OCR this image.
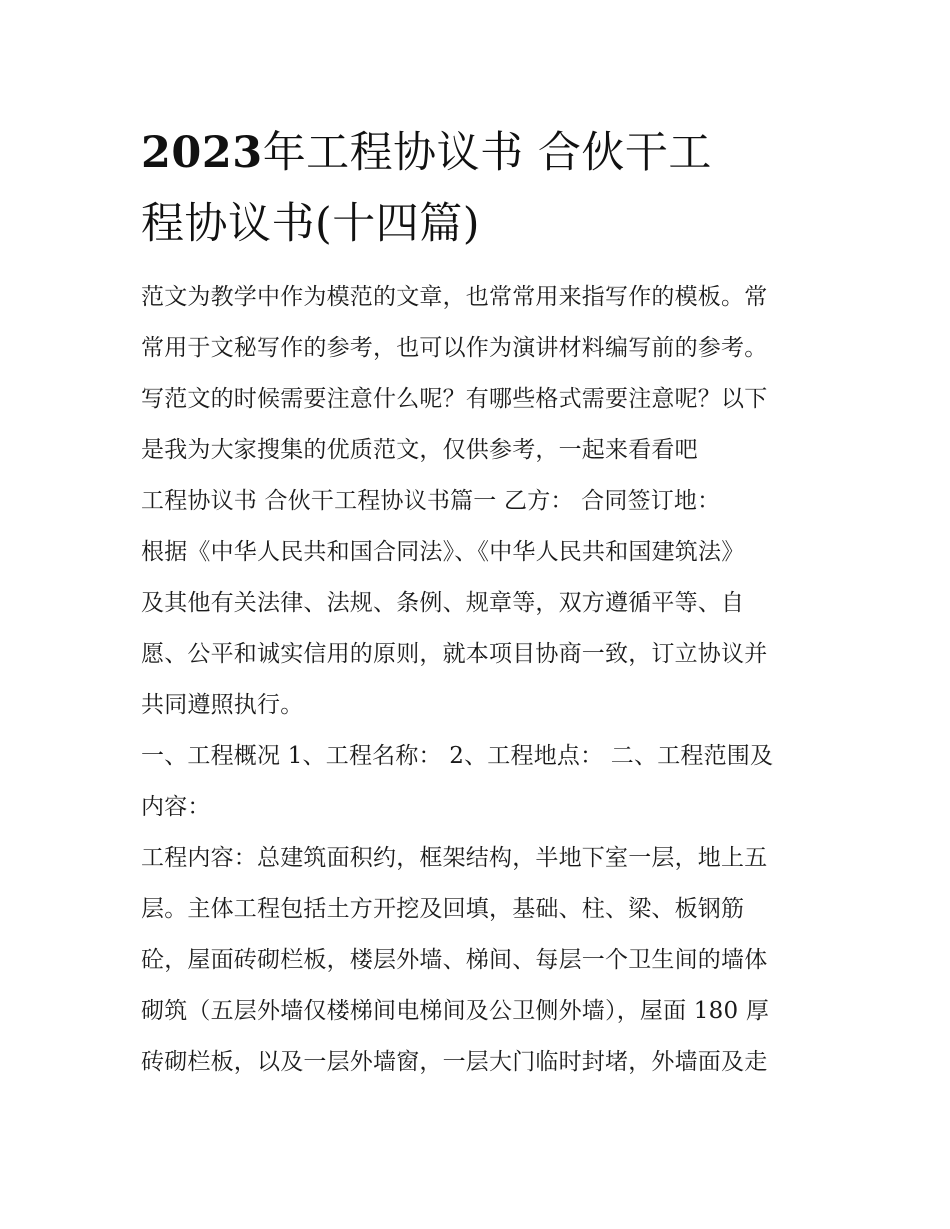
2023年工程协议书 合伙干工
程协议书(十四篇)

范文为教学中作为模范的文章，也常常用来指写作的模板。常
常用于文秘写作的参考，也可以作为演讲材料编写前的参考。
写范文的时候需要注意什么呢？有哪些格式需要注意呢？以下
是我为大家搜集的优质范文，仅供参考，一起来看看吧

工程协议书 合伙干工程协议书篇一 乙方： 合同签订地：

根据《中华人民共和国合同法》、《中华人民共和国建筑法》
及其他有关法律、法规、条例、规章等，双方遵循平等、自
愿、公平和诚实信用的原则，就本项目协商一致，订立协议并
共同遵照执行。

一、工程概况 1、工程名称： 2、工程地点： 二、工程范围及
内容：

工程内容：总建筑面积约，框架结构，半地下室一层，地上五
层。主体工程包括土方开挖及回填，基础、柱、梁、板钢筋
砼，屋面砖砌栏板，楼层外墙、梯间、每层一个卫生间的墙体
砌筑（五层外墙仅楼梯间电梯间及公卫侧外墙），屋面 180 厚
砖砌栏板，以及一层外墙窗，一层大门临时封堵，外墙面及走
